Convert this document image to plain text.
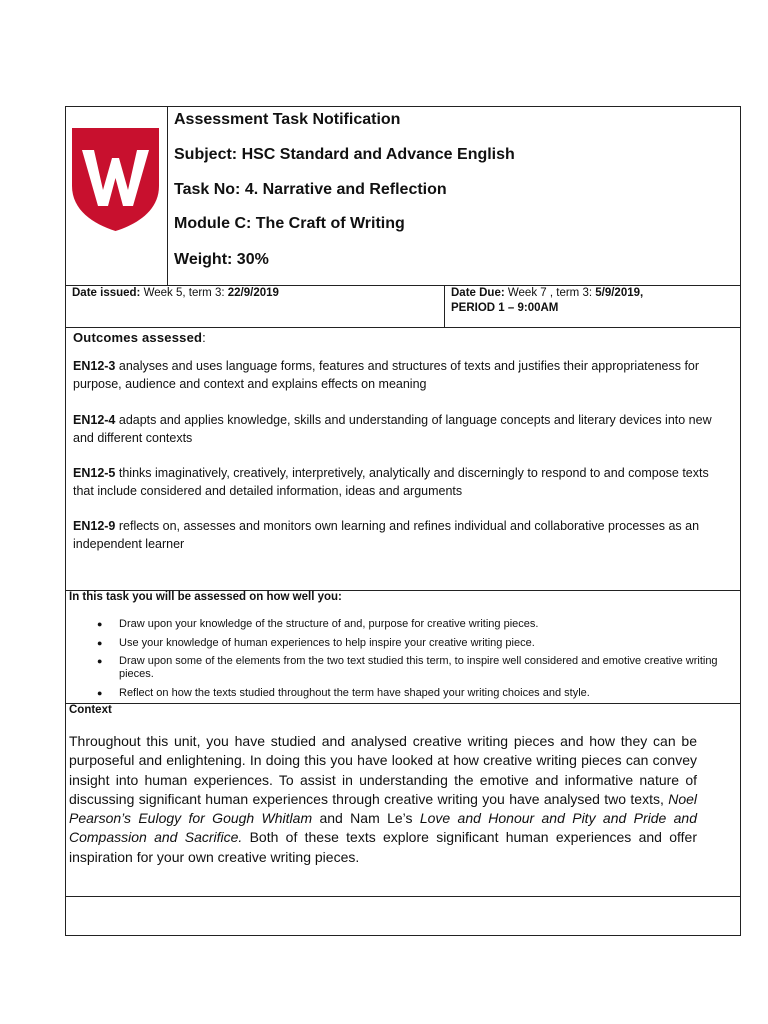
Assessment Task Notification
Subject: HSC Standard and Advance English
Task No: 4. Narrative and Reflection
Module C: The Craft of Writing
Weight: 30%
Date issued: Week 5, term 3: 22/9/2019	Date Due: Week 7 , term 3: 5/9/2019,
PERIOD 1 – 9:00AM
Outcomes assessed:
EN12-3 analyses and uses language forms, features and structures of texts and justifies their appropriateness for purpose, audience and context and explains effects on meaning
EN12-4 adapts and applies knowledge, skills and understanding of language concepts and literary devices into new and different contexts
EN12-5 thinks imaginatively, creatively, interpretively, analytically and discerningly to respond to and compose texts that include considered and detailed information, ideas and arguments
EN12-9 reflects on, assesses and monitors own learning and refines individual and collaborative processes as an independent learner
In this task you will be assessed on how well you:
● Draw upon your knowledge of the structure of and, purpose for creative writing pieces.
● Use your knowledge of human experiences to help inspire your creative writing piece.
● Draw upon some of the elements from the two text studied this term, to inspire well considered and emotive creative writing pieces.
● Reflect on how the texts studied throughout the term have shaped your writing choices and style.
Context
Throughout this unit, you have studied and analysed creative writing pieces and how they can be purposeful and enlightening. In doing this you have looked at how creative writing pieces can convey insight into human experiences. To assist in understanding the emotive and informative nature of discussing significant human experiences through creative writing you have analysed two texts, Noel Pearson’s Eulogy for Gough Whitlam and Nam Le’s Love and Honour and Pity and Pride and Compassion and Sacrifice. Both of these texts explore significant human experiences and offer inspiration for your own creative writing pieces.
